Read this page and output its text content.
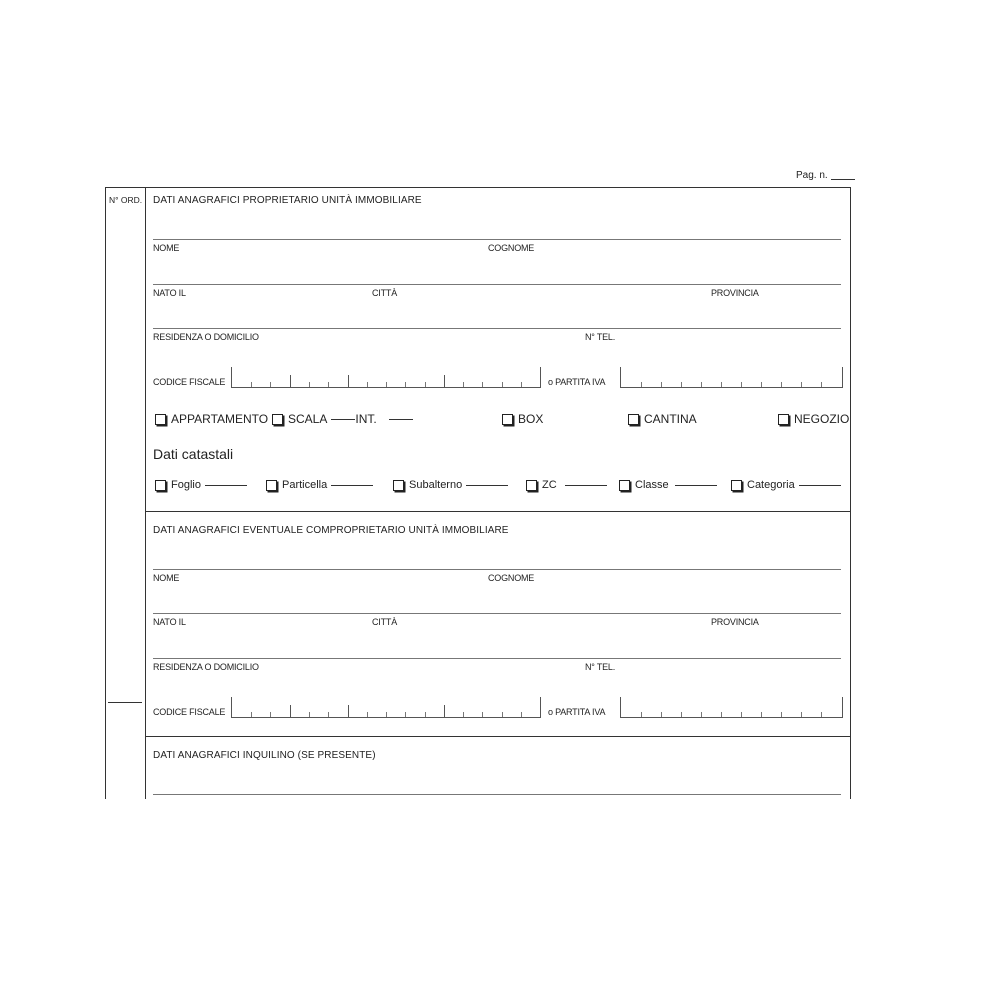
Pag. n.
N° ORD. DATI ANAGRAFICI PROPRIETARIO UNITÀ IMMOBILIARE
NOME	COGNOME
NATO IL	CITTÀ	PROVINCIA
RESIDENZA O DOMICILIO	N° TEL.
CODICE FISCALE	o PARTITA IVA
APPARTAMENTO SCALA INT.	BOX	CANTINA	NEGOZIO
Dati catastali
Foglio	Particella	Subalterno	ZC	Classe	Categoria
DATI ANAGRAFICI EVENTUALE COMPROPRIETARIO UNITÀ IMMOBILIARE
NOME	COGNOME
NATO IL	CITTÀ	PROVINCIA
RESIDENZA O DOMICILIO	N° TEL.
CODICE FISCALE	o PARTITA IVA
DATI ANAGRAFICI INQUILINO (SE PRESENTE)
